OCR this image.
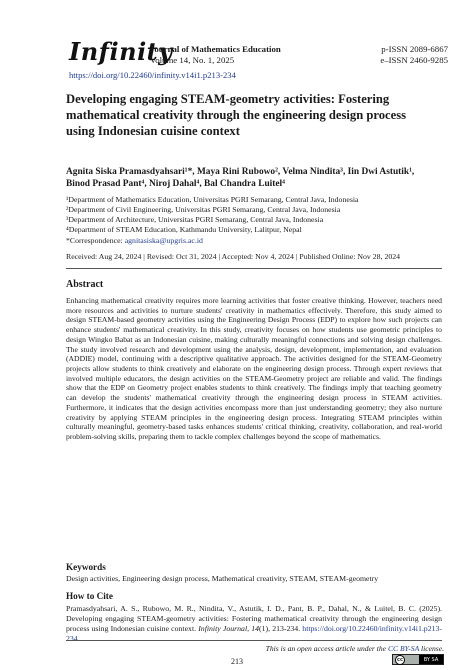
Infinity
Journal of Mathematics Education
Volume 14, No. 1, 2025
p-ISSN 2089-6867
e–ISSN 2460-9285
https://doi.org/10.22460/infinity.v14i1.p213-234
Developing engaging STEAM-geometry activities: Fostering mathematical creativity through the engineering design process using Indonesian cuisine context
Agnita Siska Pramasdyahsari¹*, Maya Rini Rubowo², Velma Nindita³, Iin Dwi Astutik¹,
Binod Prasad Pant⁴, Niroj Dahal⁴, Bal Chandra Luitel⁴
¹Department of Mathematics Education, Universitas PGRI Semarang, Central Java, Indonesia
²Department of Civil Engineering, Universitas PGRI Semarang, Central Java, Indonesia
³Department of Architecture, Universitas PGRI Semarang, Central Java, Indonesia
⁴Department of STEAM Education, Kathmandu University, Lalitpur, Nepal
*Correspondence: agnitasiska@upgris.ac.id
Received: Aug 24, 2024 | Revised: Oct 31, 2024 | Accepted: Nov 4, 2024 | Published Online: Nov 28, 2024
Abstract
Enhancing mathematical creativity requires more learning activities that foster creative thinking. However, teachers need more resources and activities to nurture students' creativity in mathematics effectively. Therefore, this study aimed to design STEAM-based geometry activities using the Engineering Design Process (EDP) to explore how such projects can enhance students' mathematical creativity. In this study, creativity focuses on how students use geometric principles to design Wingko Babat as an Indonesian cuisine, making culturally meaningful connections and solving design challenges. The study involved research and development using the analysis, design, development, implementation, and evaluation (ADDIE) model, continuing with a descriptive qualitative approach. The activities designed for the STEAM-Geometry projects allow students to think creatively and elaborate on the engineering design process. Through expert reviews that involved multiple educators, the design activities on the STEAM-Geometry project are reliable and valid. The findings show that the EDP on Geometry project enables students to think creatively. The findings imply that teaching geometry can develop the students' mathematical creativity through the engineering design process in STEAM activities. Furthermore, it indicates that the design activities encompass more than just understanding geometry; they also nurture creativity by applying STEAM principles in the engineering design process. Integrating STEAM principles within culturally meaningful, geometry-based tasks enhances students' critical thinking, creativity, collaboration, and real-world problem-solving skills, preparing them to tackle complex challenges beyond the scope of mathematics.
Keywords
Design activities, Engineering design process, Mathematical creativity, STEAM, STEAM-geometry
How to Cite
Pramasdyahsari, A. S., Rubowo, M. R., Nindita, V., Astutik, I. D., Pant, B. P., Dahal, N., & Luitel, B. C. (2025). Developing engaging STEAM-geometry activities: Fostering mathematical creativity through the engineering design process using Indonesian cuisine context. Infinity Journal, 14(1), 213-234. https://doi.org/10.22460/infinity.v14i1.p213-234
This is an open access article under the CC BY-SA license.
cc	BY SA
213
